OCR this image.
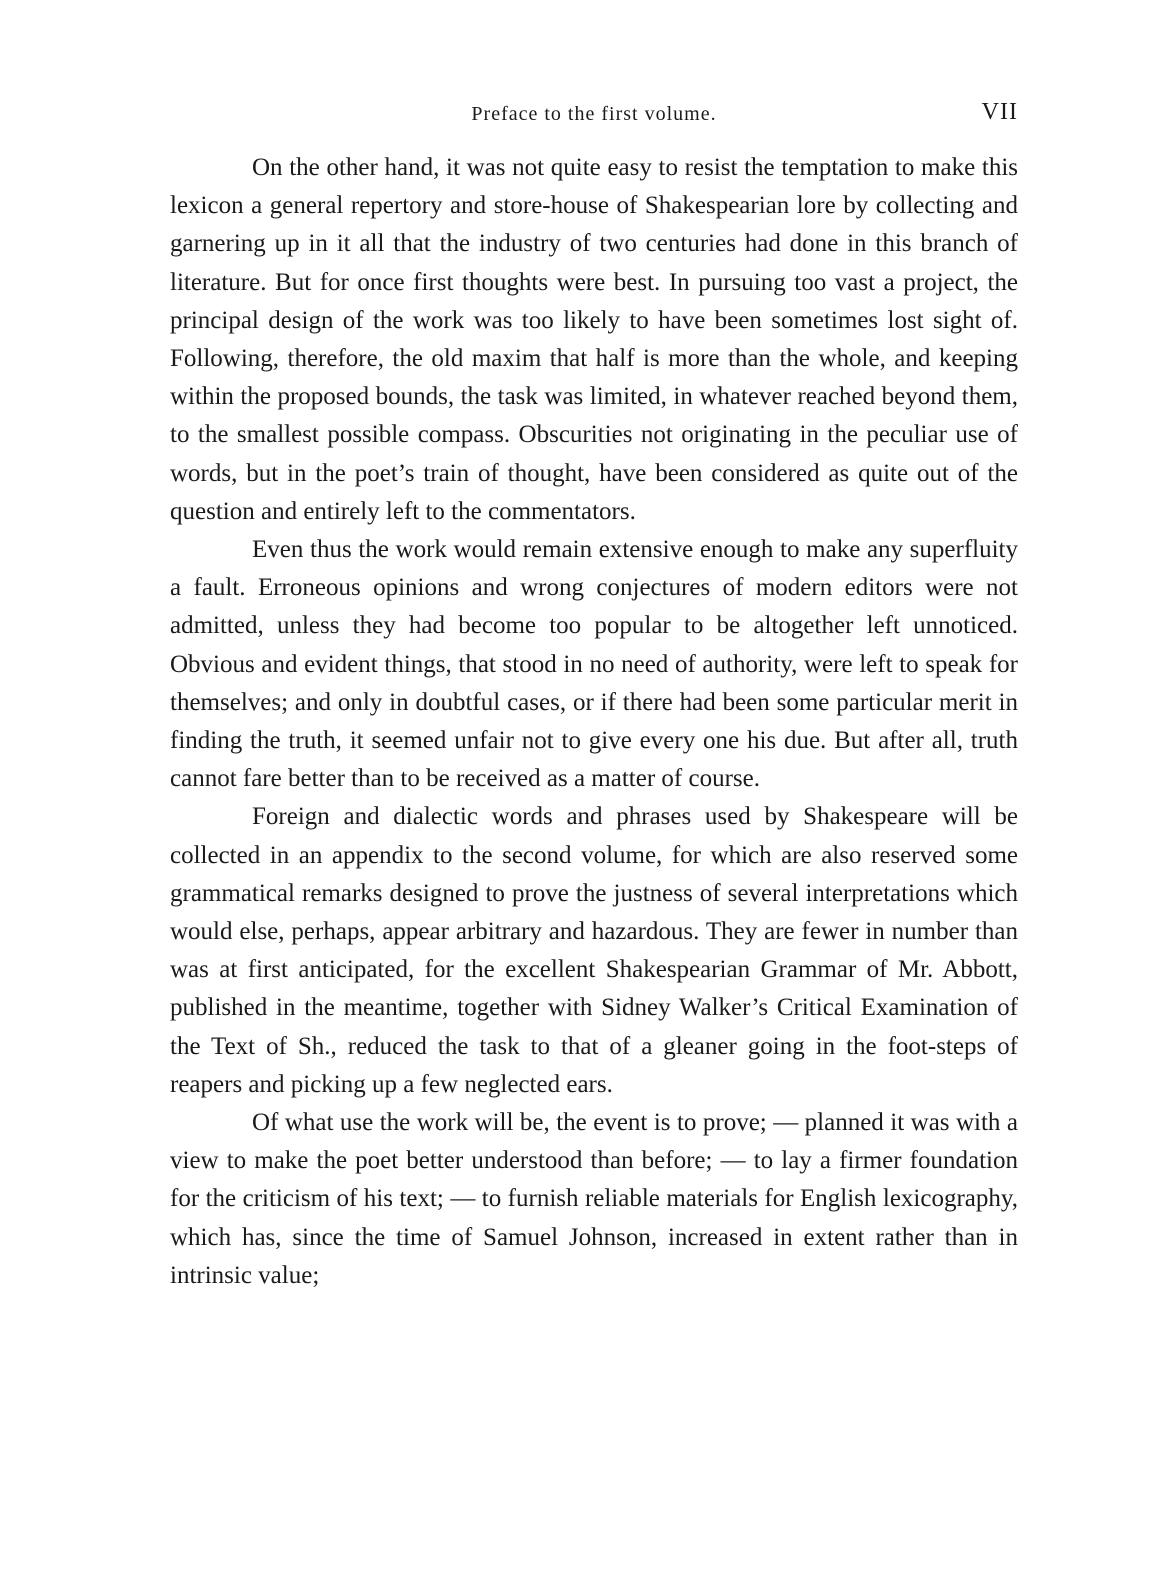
Preface to the first volume.	VII

On the other hand, it was not quite easy to resist the temptation to make this lexicon a general repertory and store-house of Shakespearian lore by collecting and garnering up in it all that the industry of two centuries had done in this branch of literature. But for once first thoughts were best. In pursuing too vast a project, the principal design of the work was too likely to have been sometimes lost sight of. Following, therefore, the old maxim that half is more than the whole, and keeping within the proposed bounds, the task was limited, in whatever reached beyond them, to the smallest possible compass. Obscurities not originating in the peculiar use of words, but in the poet’s train of thought, have been considered as quite out of the question and entirely left to the commentators.

Even thus the work would remain extensive enough to make any superfluity a fault. Erroneous opinions and wrong conjectures of modern editors were not admitted, unless they had become too popular to be altogether left unnoticed. Obvious and evident things, that stood in no need of authority, were left to speak for themselves; and only in doubtful cases, or if there had been some particular merit in finding the truth, it seemed unfair not to give every one his due. But after all, truth cannot fare better than to be received as a matter of course.

Foreign and dialectic words and phrases used by Shakespeare will be collected in an appendix to the second volume, for which are also reserved some grammatical remarks designed to prove the justness of several interpretations which would else, perhaps, appear arbitrary and hazardous. They are fewer in number than was at first anticipated, for the excellent Shakespearian Grammar of Mr. Abbott, published in the meantime, together with Sidney Walker’s Critical Examination of the Text of Sh., reduced the task to that of a gleaner going in the foot-steps of reapers and picking up a few neglected ears.

Of what use the work will be, the event is to prove; — planned it was with a view to make the poet better understood than before; — to lay a firmer foundation for the criticism of his text; — to furnish reliable materials for English lexicography, which has, since the time of Samuel Johnson, increased in extent rather than in intrinsic value;
